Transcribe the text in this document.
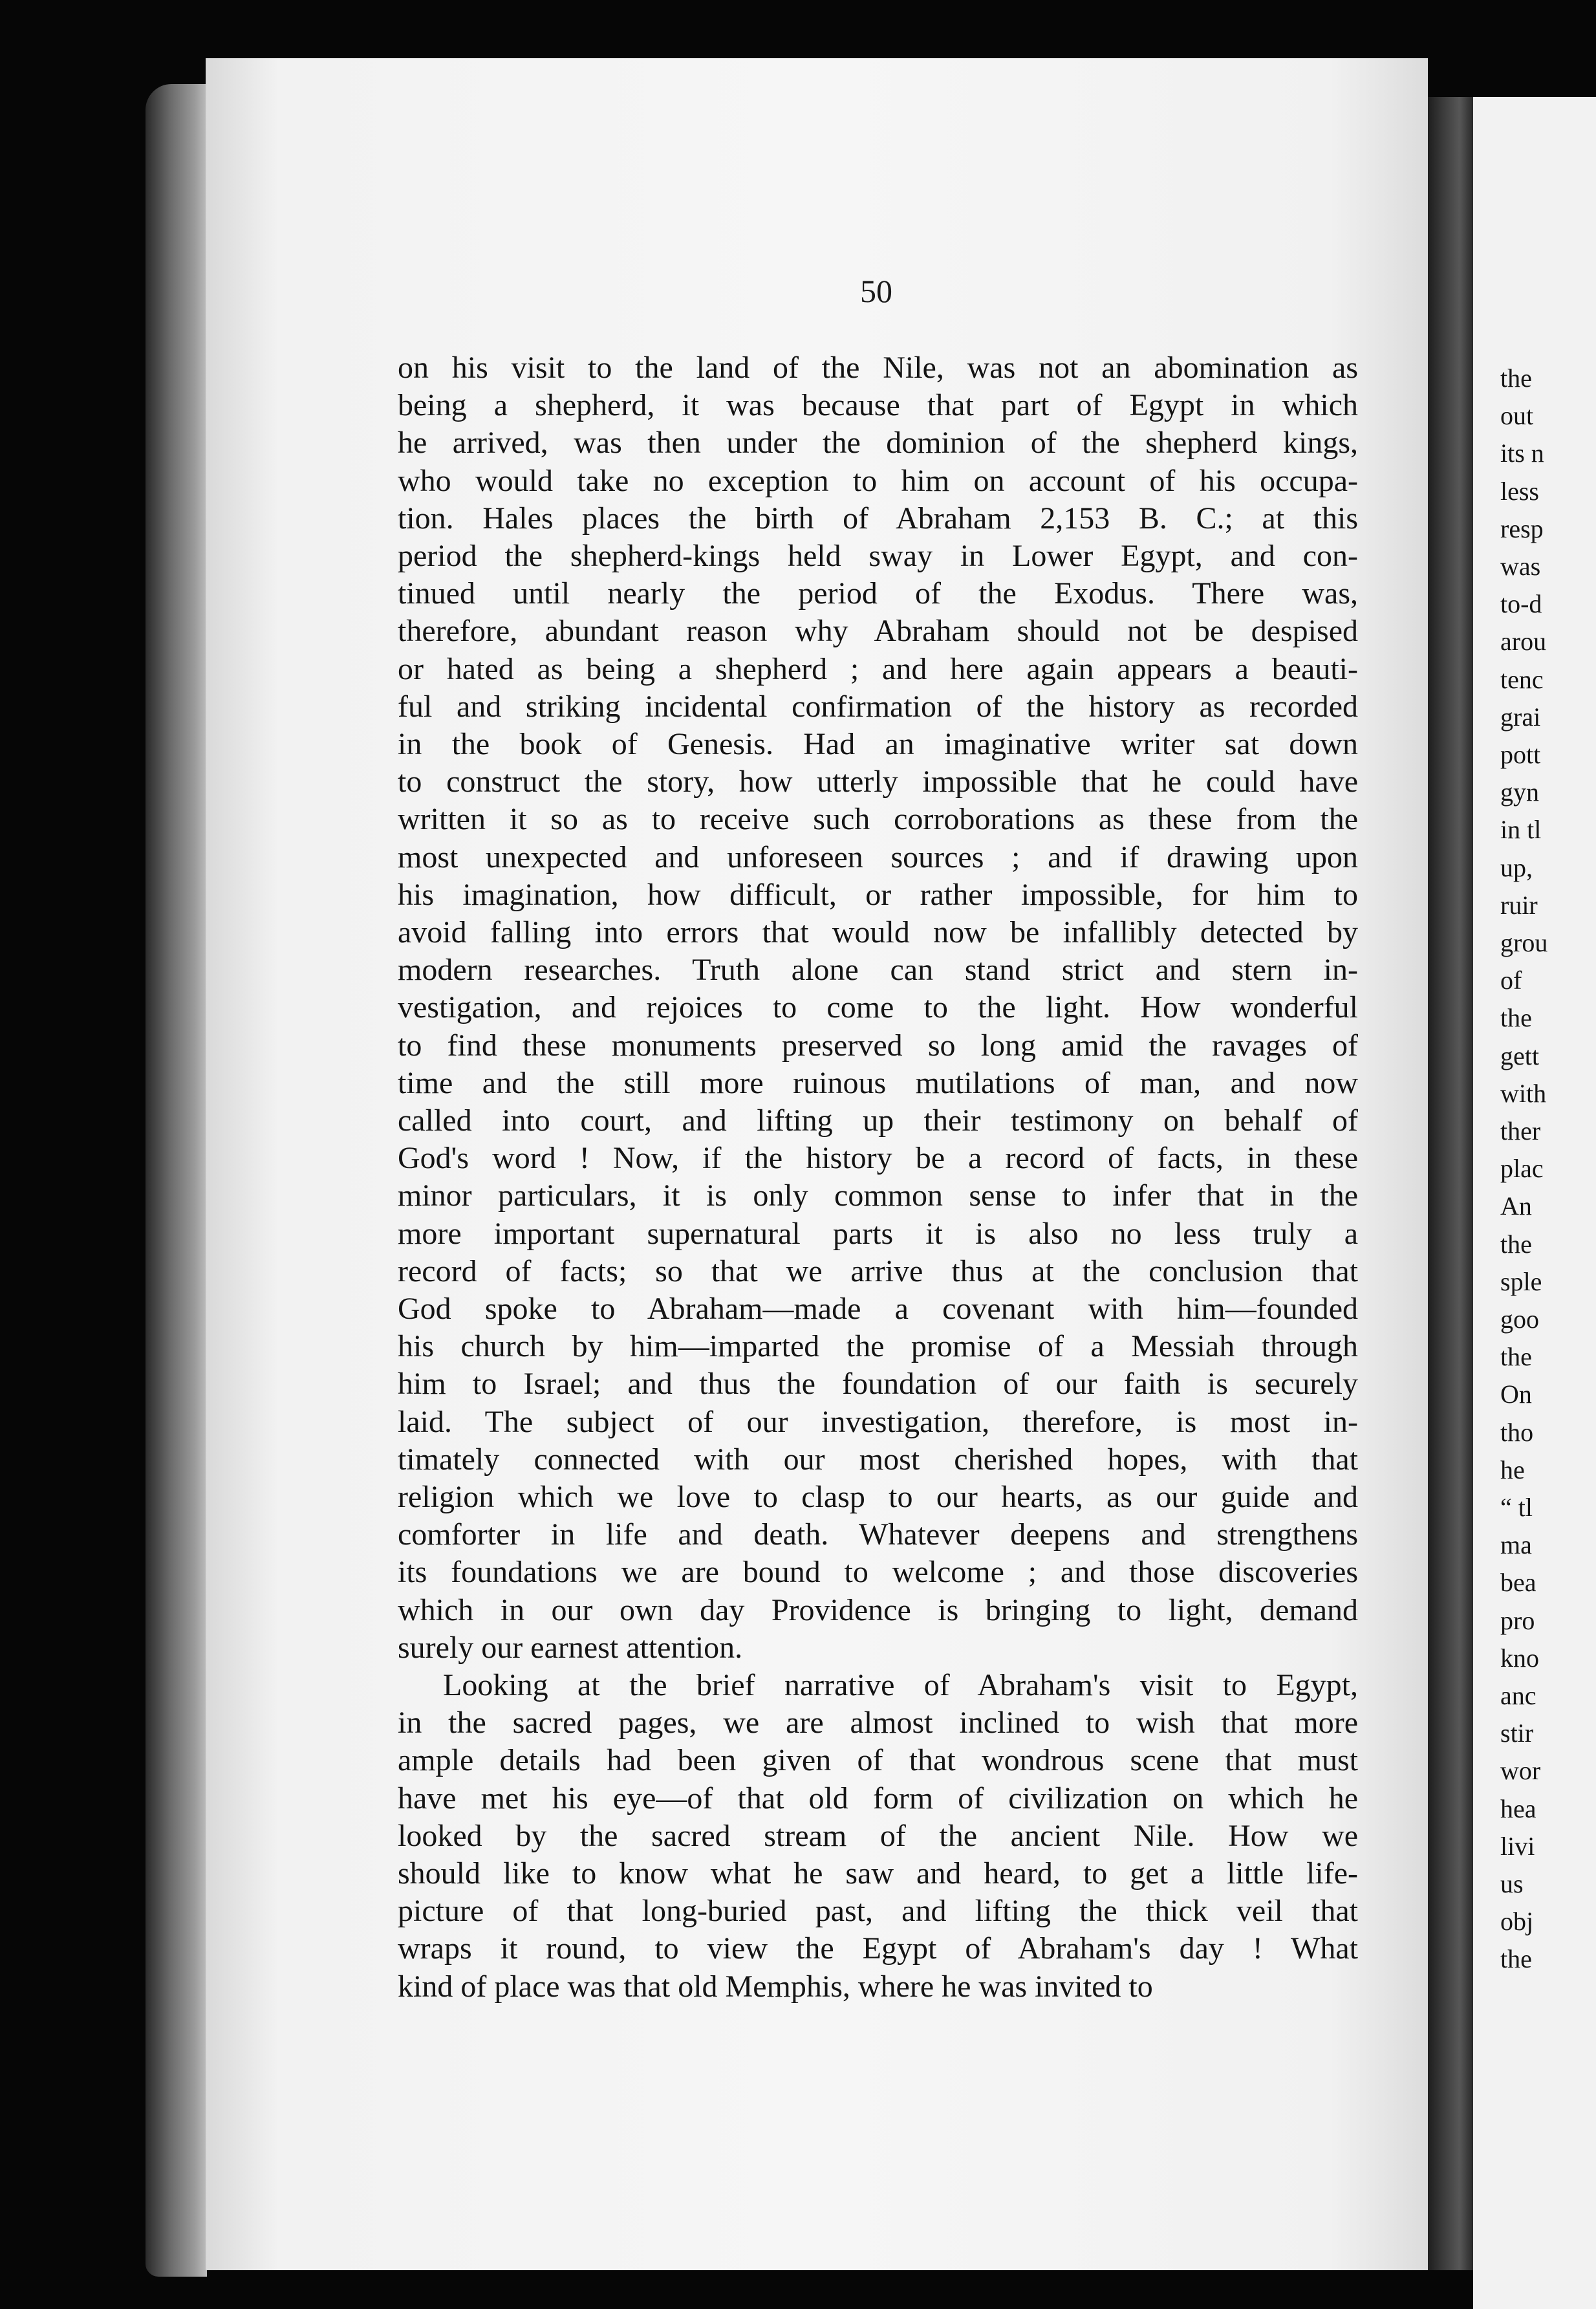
50
on his visit to the land of the Nile, was not an abomination as
being a shepherd, it was because that part of Egypt in which
he arrived, was then under the dominion of the shepherd kings,
who would take no exception to him on account of his occupa-
tion. Hales places the birth of Abraham 2,153 B. C.; at this
period the shepherd-kings held sway in Lower Egypt, and con-
tinued until nearly the period of the Exodus. There was,
therefore, abundant reason why Abraham should not be despised
or hated as being a shepherd ; and here again appears a beauti-
ful and striking incidental confirmation of the history as recorded
in the book of Genesis. Had an imaginative writer sat down
to construct the story, how utterly impossible that he could have
written it so as to receive such corroborations as these from the
most unexpected and unforeseen sources ; and if drawing upon
his imagination, how difficult, or rather impossible, for him to
avoid falling into errors that would now be infallibly detected by
modern researches. Truth alone can stand strict and stern in-
vestigation, and rejoices to come to the light. How wonderful
to find these monuments preserved so long amid the ravages of
time and the still more ruinous mutilations of man, and now
called into court, and lifting up their testimony on behalf of
God's word ! Now, if the history be a record of facts, in these
minor particulars, it is only common sense to infer that in the
more important supernatural parts it is also no less truly a
record of facts; so that we arrive thus at the conclusion that
God spoke to Abraham—made a covenant with him—founded
his church by him—imparted the promise of a Messiah through
him to Israel; and thus the foundation of our faith is securely
laid. The subject of our investigation, therefore, is most in-
timately connected with our most cherished hopes, with that
religion which we love to clasp to our hearts, as our guide and
comforter in life and death. Whatever deepens and strengthens
its foundations we are bound to welcome ; and those discoveries
which in our own day Providence is bringing to light, demand
surely our earnest attention.
Looking at the brief narrative of Abraham's visit to Egypt,
in the sacred pages, we are almost inclined to wish that more
ample details had been given of that wondrous scene that must
have met his eye—of that old form of civilization on which he
looked by the sacred stream of the ancient Nile. How we
should like to know what he saw and heard, to get a little life-
picture of that long-buried past, and lifting the thick veil that
wraps it round, to view the Egypt of Abraham's day ! What
kind of place was that old Memphis, where he was invited to
the
out
its n
less
resp
was
to-d
arou
tenc
grai
pott
gyn
in tl
up,
ruir
grou
of
the
gett
with
ther
plac
An
the
sple
goo
the
On
tho
he
“ tl
ma
bea
pro
kno
anc
stir
wor
hea
livi
us
obj
the
